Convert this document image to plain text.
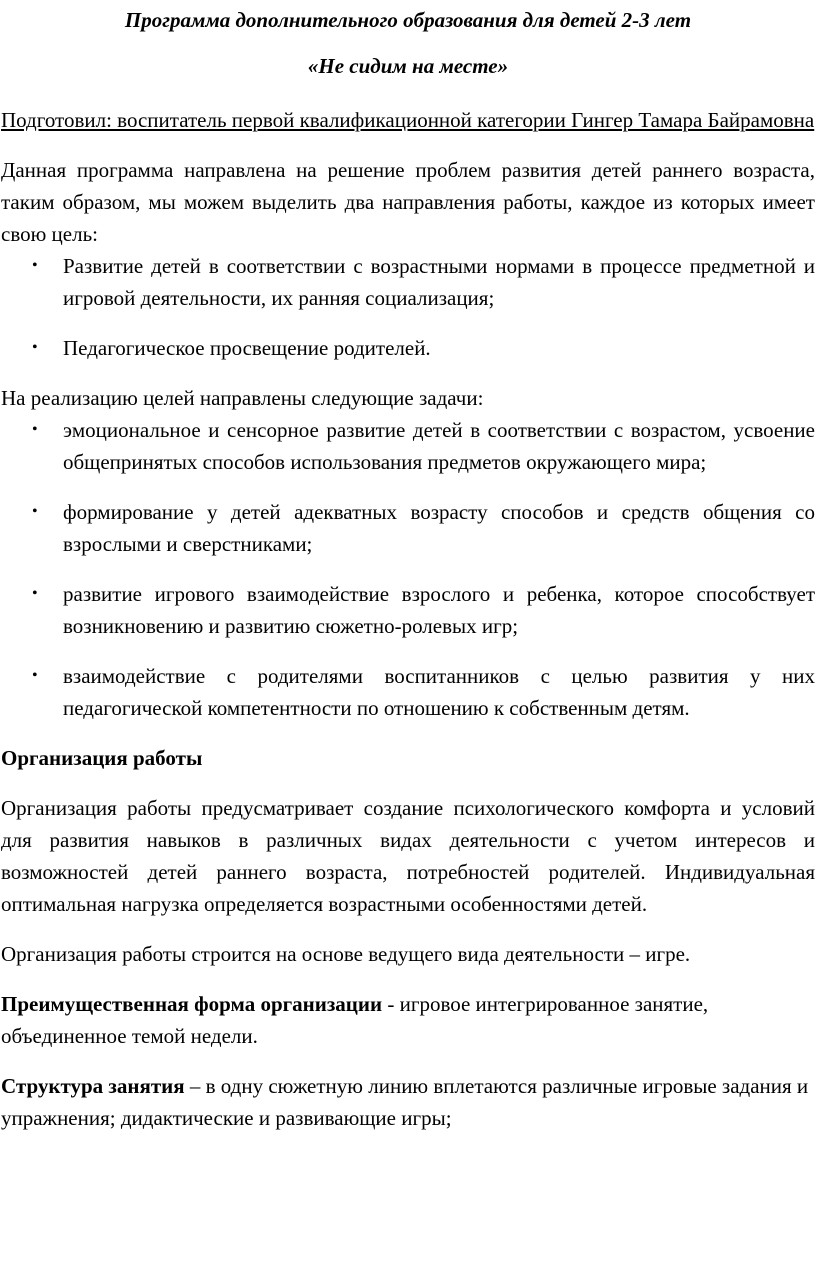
Программа дополнительного образования для детей 2-3 лет

«Не сидим на месте»

Подготовил: воспитатель первой квалификационной категории Гингер Тамара Байрамовна

Данная программа направлена на решение проблем развития детей раннего возраста, таким образом, мы можем выделить два направления работы, каждое из которых имеет свою цель:

• Развитие детей в соответствии с возрастными нормами в процессе предметной и игровой деятельности, их ранняя социализация;
• Педагогическое просвещение родителей.

На реализацию целей направлены следующие задачи:

• эмоциональное и сенсорное развитие детей в соответствии с возрастом, усвоение общепринятых способов использования предметов окружающего мира;
• формирование у детей адекватных возрасту способов и средств общения со взрослыми и сверстниками;
• развитие игрового взаимодействие взрослого и ребенка, которое способствует возникновению и развитию сюжетно-ролевых игр;
• взаимодействие с родителями воспитанников с целью развития у них педагогической компетентности по отношению к собственным детям.

Организация работы

Организация работы предусматривает создание психологического комфорта и условий для развития навыков в различных видах деятельности с учетом интересов и возможностей детей раннего возраста, потребностей родителей. Индивидуальная оптимальная нагрузка определяется возрастными особенностями детей.

Организация работы строится на основе ведущего вида деятельности – игре.

Преимущественная форма организации - игровое интегрированное занятие, объединенное темой недели.

Структура занятия – в одну сюжетную линию вплетаются различные игровые задания и упражнения; дидактические и развивающие игры;
